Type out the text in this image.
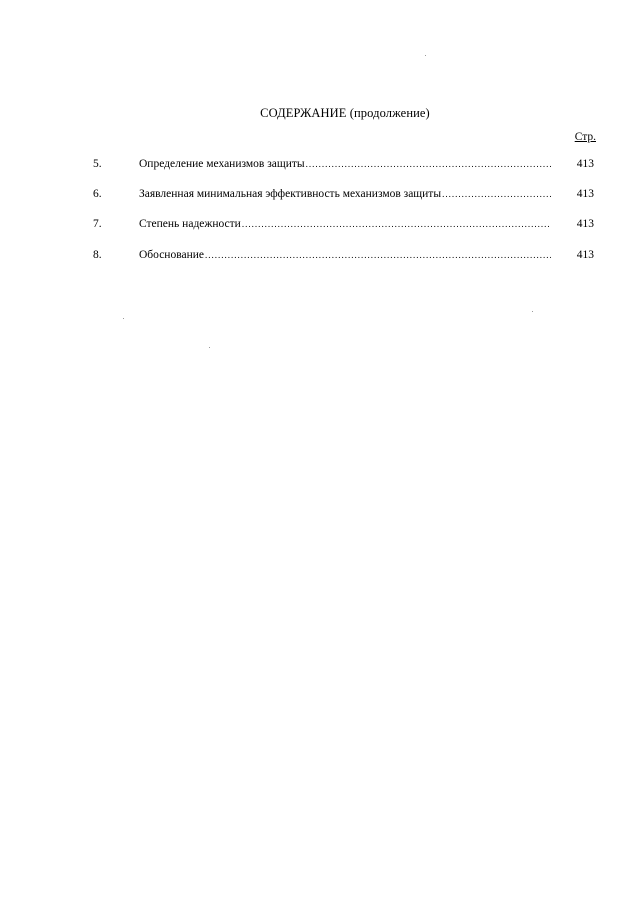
СОДЕРЖАНИЕ (продолжение)
Стр.
5.	Определение механизмов защиты .....	413
6.	Заявленная минимальная эффективность механизмов защиты .....	413
7.	Степень надежности .....	413
8.	Обоснование .....	413
